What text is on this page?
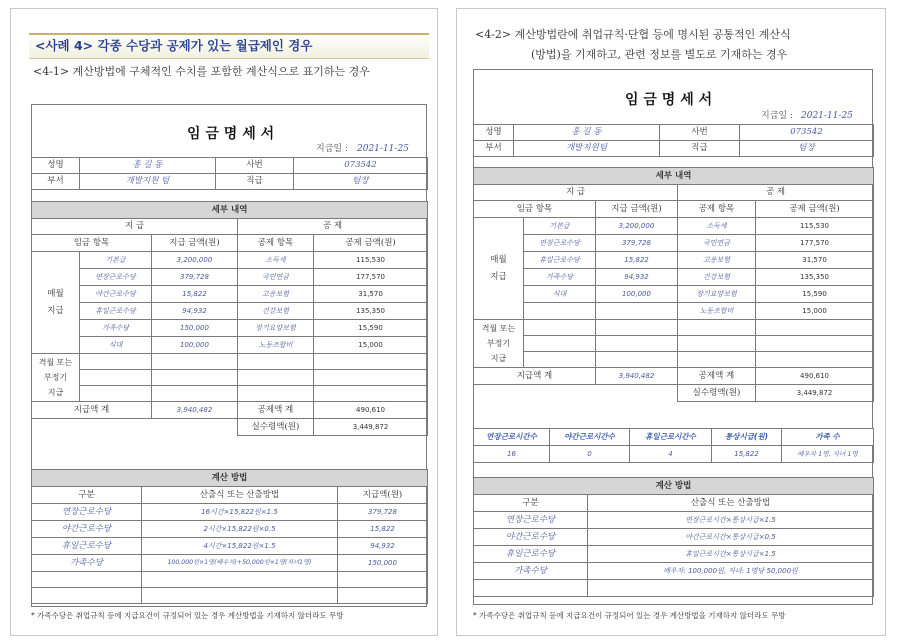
<사례 4> 각종 수당과 공제가 있는 월급제인 경우
<4-1> 계산방법에 구체적인 수치를 포함한 계산식으로 표기하는 경우
임 금 명 세 서
지급일 : 2021-11-25
성명	홍 길 동	사번	073542
부서	개발지원 팀	직급	팀장
세부 내역				
지 급			공 제	
임금 항목		지급 금액(원)	공제 항목	공제 금액(원)
매월
지급	기본급	3,200,000	소득세	115,530
	연장근로수당	379,728	국민연금	177,570
	야간근로수당	15,822	고용보험	31,570
	휴일근로수당	94,932	건강보험	135,350
	가족수당	150,000	장기요양보험	15,590
	식대	100,000	노동조합비	15,000
격월 또는
부정기
지급				

지급액 계		3,940,482	공제액 계	490,610
			실수령액(원)	3,449,872
계산 방법		
구분	산출식 또는 산출방법	지급액(원)
연장근로수당	16시간×15,822원×1.5	379,728
야간근로수당	2시간×15,822원×0.5	15,822
휴일근로수당	4시간×15,822원×1.5	94,932
가족수당	100,000원×1명(배우자)+50,000원×1명(자녀1명)	150,000

* 가족수당은 취업규칙 등에 지급요건이 규정되어 있는 경우 계산방법을 기재하지 않더라도 무방
<4-2> 계산방법란에 취업규칙·단협 등에 명시된 공통적인 계산식
(방법)을 기재하고, 관련 정보를 별도로 기재하는 경우
임 금 명 세 서
지급일 : 2021-11-25
성명	홍 길 동	사번	073542
부서	개발지원팀	직급	팀장
세부 내역				
지 급			공 제	
임금 항목		지급 금액(원)	공제 항목	공제 금액(원)
매월
지급	기본급	3,200,000	소득세	115,530
	연장근로수당	379,728	국민연금	177,570
	휴일근로수당	15,822	고용보험	31,570
	가족수당	94,932	건강보험	135,350
	식대	100,000	장기요양보험	15,590
			노동조합비	15,000
격월 또는
부정기
지급				

지급액 계		3,940,482	공제액 계	490,610
			실수령액(원)	3,449,872
연장근로시간수	야간근로시간수	휴일근로시간수	통상시급(원)	가족 수
16	0	4	15,822	배우자 1명, 자녀 1명
계산 방법	
구분	산출식 또는 산출방법
연장근로수당	연장근로시간×통상시급×1.5
야간근로수당	야간근로시간×통상시급×0.5
휴일근로수당	휴일근로시간×통상시급×1.5
가족수당	배우자: 100,000원, 자녀: 1명당 50,000원

* 가족수당은 취업규칙 등에 지급요건이 규정되어 있는 경우 계산방법을 기재하지 않더라도 무방
